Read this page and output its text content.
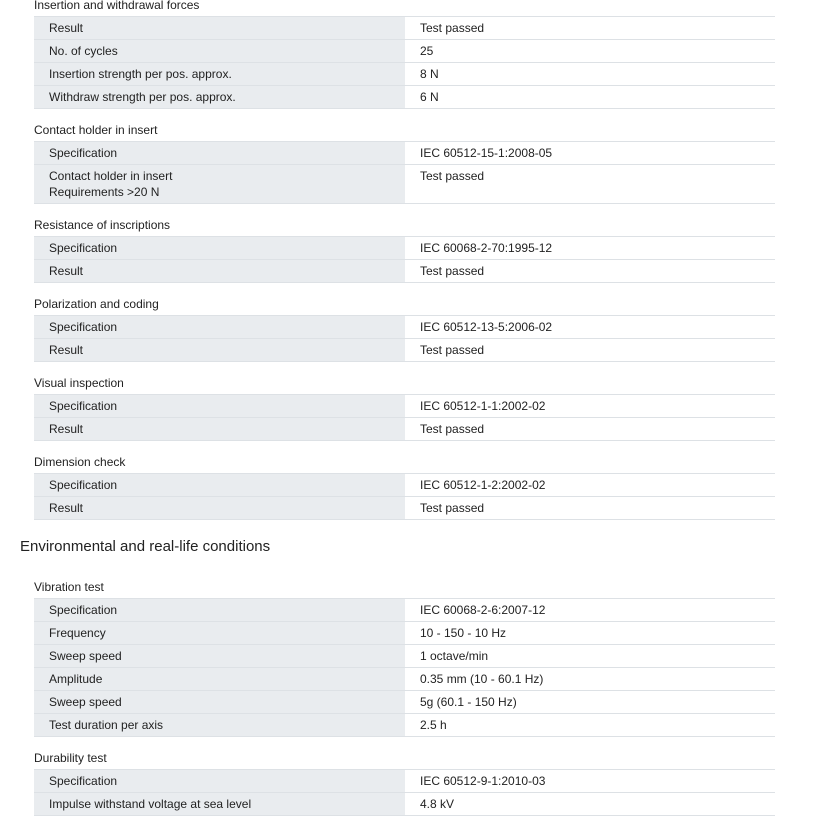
Insertion and withdrawal forces
Result	Test passed
No. of cycles	25
Insertion strength per pos. approx.	8 N
Withdraw strength per pos. approx.	6 N
Contact holder in insert
Specification	IEC 60512-15-1:2008-05
Contact holder in insert
Requirements >20 N	Test passed
Resistance of inscriptions
Specification	IEC 60068-2-70:1995-12
Result	Test passed
Polarization and coding
Specification	IEC 60512-13-5:2006-02
Result	Test passed
Visual inspection
Specification	IEC 60512-1-1:2002-02
Result	Test passed
Dimension check
Specification	IEC 60512-1-2:2002-02
Result	Test passed
Environmental and real-life conditions
Vibration test
Specification	IEC 60068-2-6:2007-12
Frequency	10 - 150 - 10 Hz
Sweep speed	1 octave/min
Amplitude	0.35 mm (10 - 60.1 Hz)
Sweep speed	5g (60.1 - 150 Hz)
Test duration per axis	2.5 h
Durability test
Specification	IEC 60512-9-1:2010-03
Impulse withstand voltage at sea level	4.8 kV
